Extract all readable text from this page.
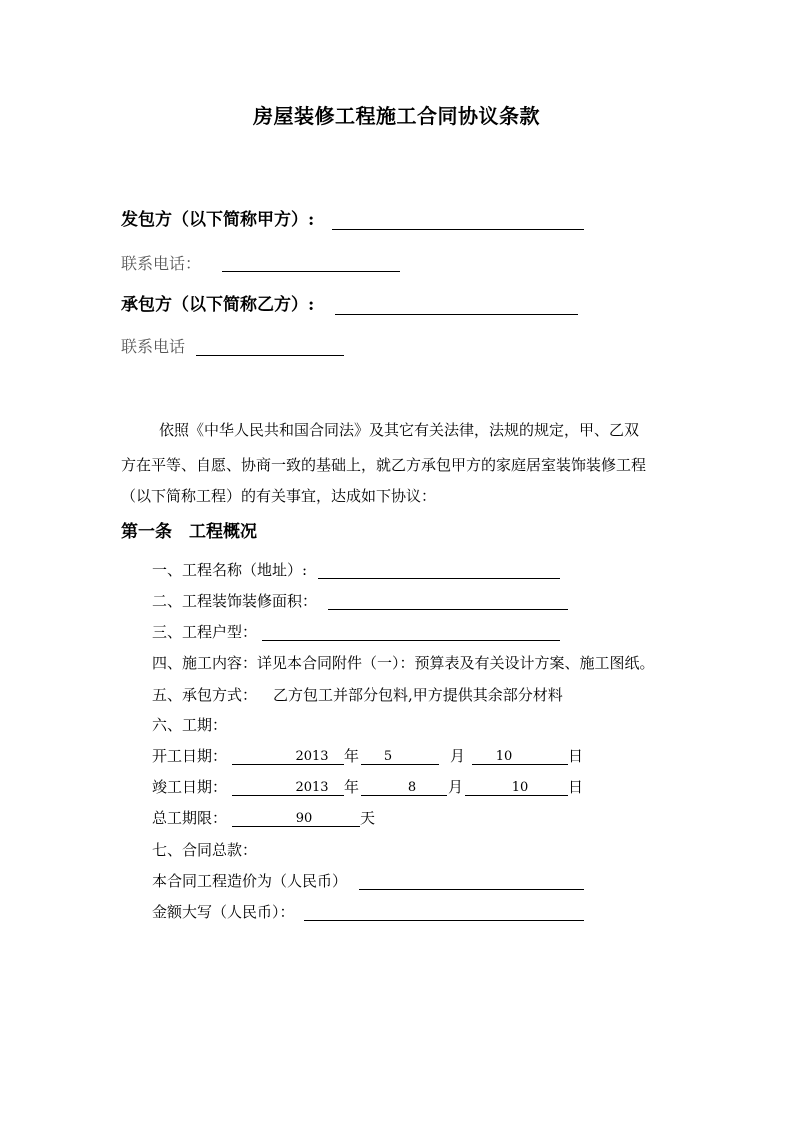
房屋装修工程施工合同协议条款
发包方（以下简称甲方）:
联系电话：
承包方（以下简称乙方）:
联系电话
依照《中华人民共和国合同法》及其它有关法律，法规的规定，甲、乙双
方在平等、自愿、协商一致的基础上，就乙方承包甲方的家庭居室装饰装修工程
（以下简称工程）的有关事宜，达成如下协议：
第一条　工程概况
一、工程名称（地址）:
二、工程装饰装修面积：
三、工程户型：
四、施工内容：详见本合同附件（一）：预算表及有关设计方案、施工图纸。
五、承包方式： 乙方包工并部分包料,甲方提供其余部分材料
六、工期：
开工日期：	2013	年	5	月	10	日
竣工日期：	2013	年	8	月	10	日
总工期限：	90	天
七、合同总款：
本合同工程造价为（人民币）
金额大写（人民币）：
